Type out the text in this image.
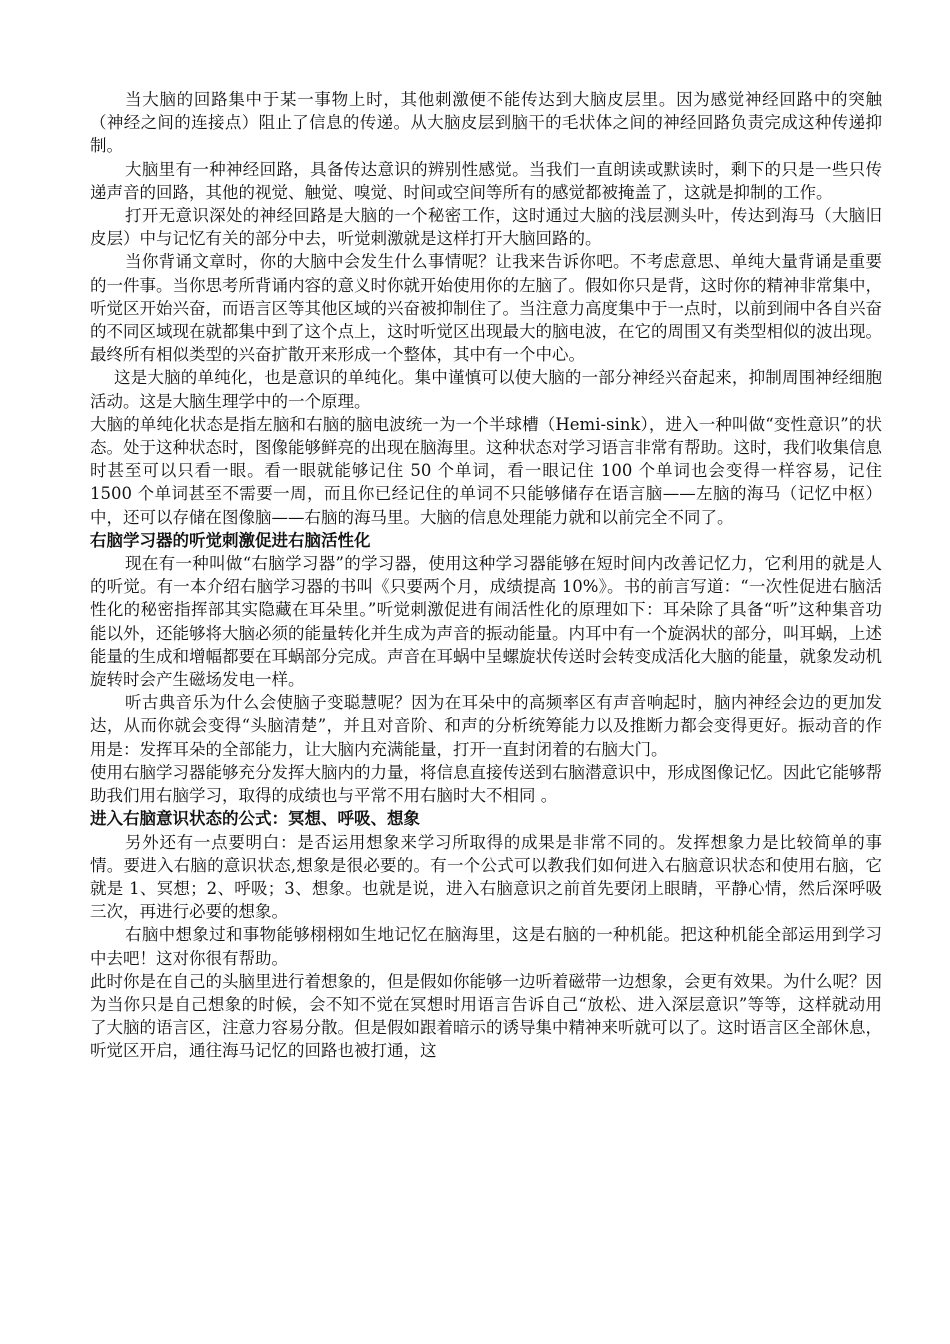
当大脑的回路集中于某一事物上时，其他刺激便不能传达到大脑皮层里。因为感觉神经回路中的突触（神经之间的连接点）阻止了信息的传递。从大脑皮层到脑干的毛状体之间的神经回路负责完成这种传递抑制。

大脑里有一种神经回路，具备传达意识的辨别性感觉。当我们一直朗读或默读时，剩下的只是一些只传递声音的回路，其他的视觉、触觉、嗅觉、时间或空间等所有的感觉都被掩盖了，这就是抑制的工作。

打开无意识深处的神经回路是大脑的一个秘密工作，这时通过大脑的浅层测头叶，传达到海马（大脑旧皮层）中与记忆有关的部分中去，听觉刺激就是这样打开大脑回路的。

当你背诵文章时，你的大脑中会发生什么事情呢？让我来告诉你吧。不考虑意思、单纯大量背诵是重要的一件事。当你思考所背诵内容的意义时你就开始使用你的左脑了。假如你只是背，这时你的精神非常集中，听觉区开始兴奋，而语言区等其他区域的兴奋被抑制住了。当注意力高度集中于一点时，以前到闹中各自兴奋的不同区域现在就都集中到了这个点上，这时听觉区出现最大的脑电波，在它的周围又有类型相似的波出现。最终所有相似类型的兴奋扩散开来形成一个整体，其中有一个中心。

这是大脑的单纯化，也是意识的单纯化。集中谨慎可以使大脑的一部分神经兴奋起来，抑制周围神经细胞活动。这是大脑生理学中的一个原理。

大脑的单纯化状态是指左脑和右脑的脑电波统一为一个半球槽（Hemi-sink），进入一种叫做“变性意识”的状态。处于这种状态时，图像能够鲜亮的出现在脑海里。这种状态对学习语言非常有帮助。这时，我们收集信息时甚至可以只看一眼。看一眼就能够记住 50 个单词，看一眼记住 100 个单词也会变得一样容易，记住 1500 个单词甚至不需要一周，而且你已经记住的单词不只能够储存在语言脑——左脑的海马（记忆中枢）中，还可以存储在图像脑——右脑的海马里。大脑的信息处理能力就和以前完全不同了。

右脑学习器的听觉刺激促进右脑活性化

现在有一种叫做“右脑学习器”的学习器，使用这种学习器能够在短时间内改善记忆力，它利用的就是人的听觉。有一本介绍右脑学习器的书叫《只要两个月，成绩提高 10%》。书的前言写道：“一次性促进右脑活性化的秘密指挥部其实隐藏在耳朵里。”听觉刺激促进有闹活性化的原理如下：耳朵除了具备“听”这种集音功能以外，还能够将大脑必须的能量转化并生成为声音的振动能量。内耳中有一个旋涡状的部分，叫耳蜗，上述能量的生成和增幅都要在耳蜗部分完成。声音在耳蜗中呈螺旋状传送时会转变成活化大脑的能量，就象发动机旋转时会产生磁场发电一样。

听古典音乐为什么会使脑子变聪慧呢？因为在耳朵中的高频率区有声音响起时，脑内神经会边的更加发达，从而你就会变得“头脑清楚”，并且对音阶、和声的分析统筹能力以及推断力都会变得更好。振动音的作用是：发挥耳朵的全部能力，让大脑内充满能量，打开一直封闭着的右脑大门。

使用右脑学习器能够充分发挥大脑内的力量，将信息直接传送到右脑潜意识中，形成图像记忆。因此它能够帮助我们用右脑学习，取得的成绩也与平常不用右脑时大不相同 。

进入右脑意识状态的公式：冥想、呼吸、想象

另外还有一点要明白：是否运用想象来学习所取得的成果是非常不同的。发挥想象力是比较简单的事情。要进入右脑的意识状态,想象是很必要的。有一个公式可以教我们如何进入右脑意识状态和使用右脑，它就是 1、冥想；2、呼吸；3、想象。也就是说，进入右脑意识之前首先要闭上眼睛，平静心情，然后深呼吸三次，再进行必要的想象。

右脑中想象过和事物能够栩栩如生地记忆在脑海里，这是右脑的一种机能。把这种机能全部运用到学习中去吧！这对你很有帮助。

此时你是在自己的头脑里进行着想象的，但是假如你能够一边听着磁带一边想象，会更有效果。为什么呢？因为当你只是自己想象的时候，会不知不觉在冥想时用语言告诉自己“放松、进入深层意识”等等，这样就动用了大脑的语言区，注意力容易分散。但是假如跟着暗示的诱导集中精神来听就可以了。这时语言区全部休息，听觉区开启，通往海马记忆的回路也被打通，这
